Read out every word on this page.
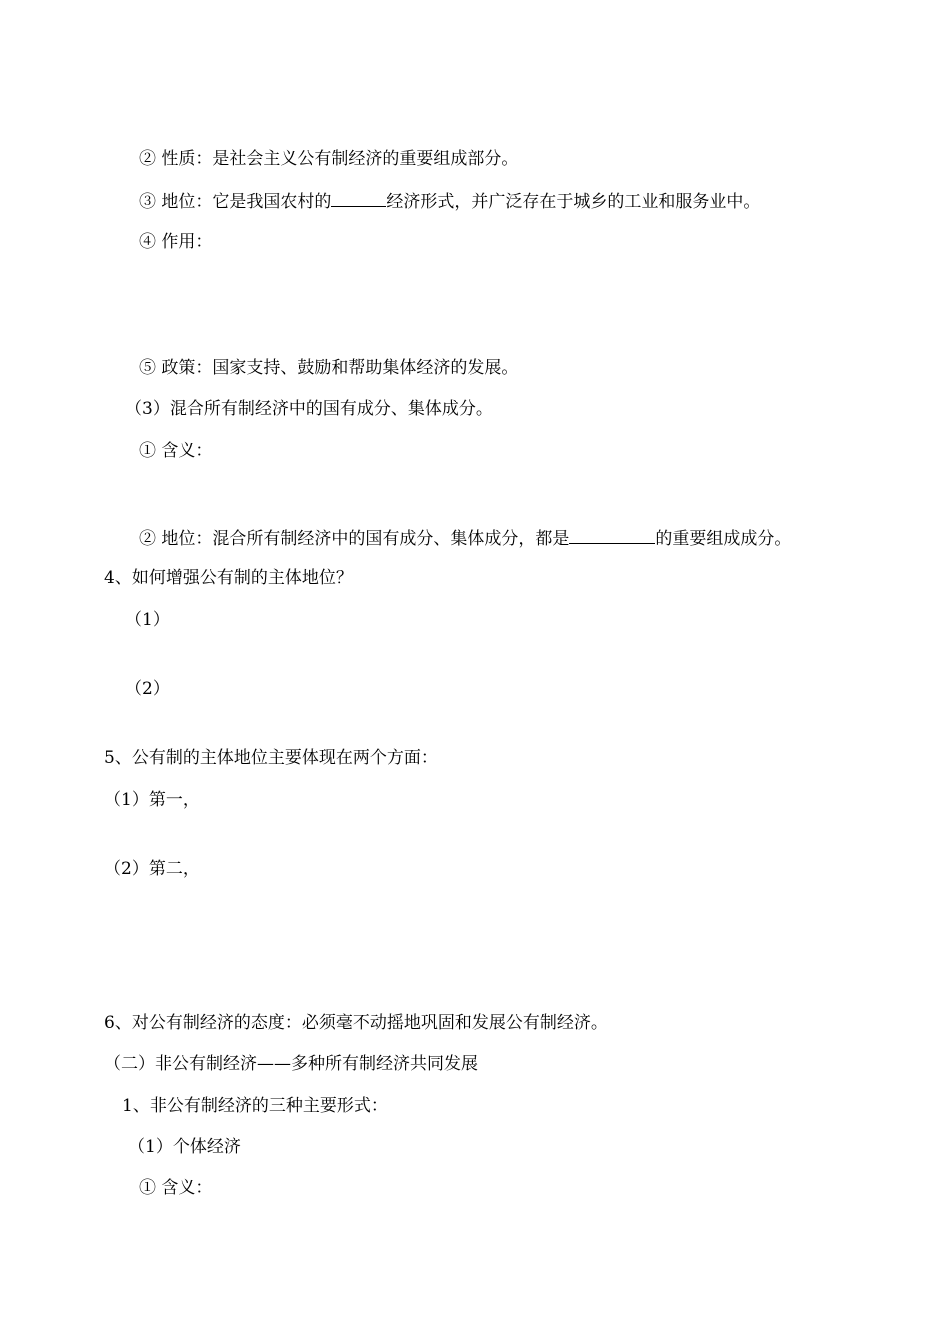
② 性质：是社会主义公有制经济的重要组成部分。
③ 地位：它是我国农村的	经济形式，并广泛存在于城乡的工业和服务业中。
④ 作用：
⑤ 政策：国家支持、鼓励和帮助集体经济的发展。
（3）混合所有制经济中的国有成分、集体成分。
① 含义：
② 地位：混合所有制经济中的国有成分、集体成分，都是	的重要组成成分。
4、如何增强公有制的主体地位？
（1）
（2）
5、公有制的主体地位主要体现在两个方面：
（1）第一，
（2）第二，
6、对公有制经济的态度：必须毫不动摇地巩固和发展公有制经济。
（二）非公有制经济——多种所有制经济共同发展
1、非公有制经济的三种主要形式：
（1）个体经济
① 含义：
